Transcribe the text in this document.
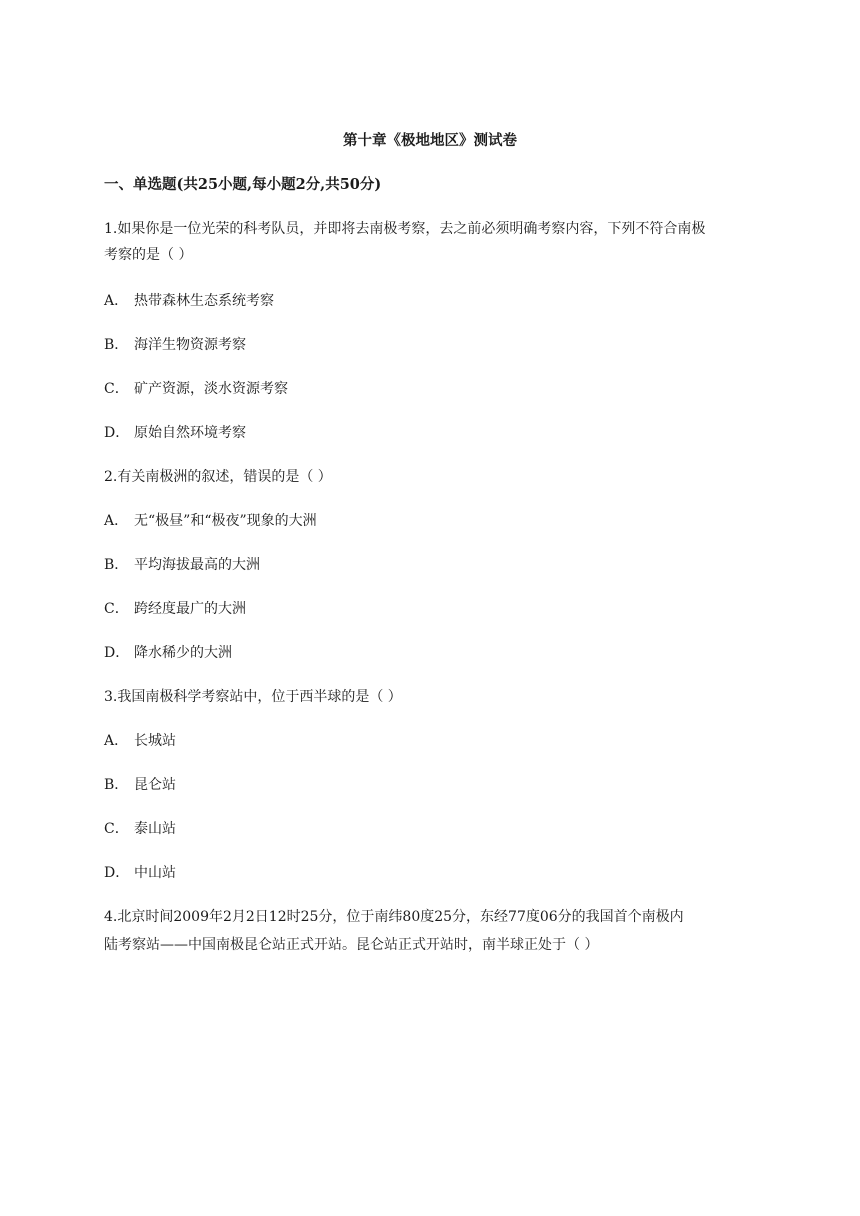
第十章《极地地区》测试卷
一、单选题(共25小题,每小题2分,共50分)
1.如果你是一位光荣的科考队员，并即将去南极考察，去之前必须明确考察内容，下列不符合南极
考察的是（ ）
A． 热带森林生态系统考察
B． 海洋生物资源考察
C． 矿产资源，淡水资源考察
D． 原始自然环境考察
2.有关南极洲的叙述，错误的是（ ）
A． 无“极昼”和“极夜”现象的大洲
B． 平均海拔最高的大洲
C． 跨经度最广的大洲
D． 降水稀少的大洲
3.我国南极科学考察站中，位于西半球的是（ ）
A． 长城站
B． 昆仑站
C． 泰山站
D． 中山站
4.北京时间2009年2月2日12时25分，位于南纬80度25分，东经77度06分的我国首个南极内
陆考察站——中国南极昆仑站正式开站。昆仑站正式开站时，南半球正处于（ ）
